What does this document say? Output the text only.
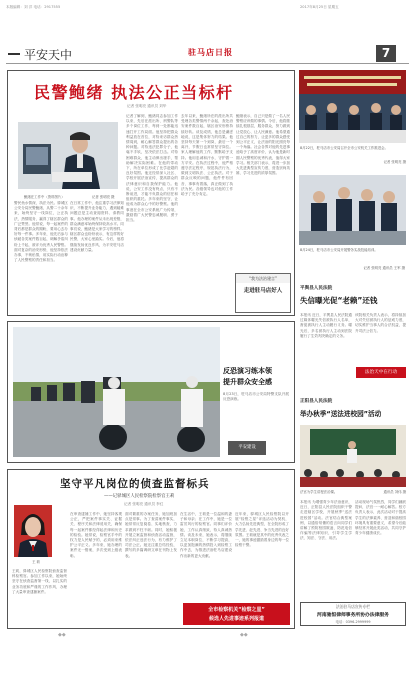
本版编辑：刘 洋 电话：2917555	2017年8月25日 星期五
平安天中	驻马店日报	7
民警鲍绪 执法公正当标杆
记者 张明亮 通讯员 刘华
鲍绪在工作中（资料图片）	记者 张明亮 摄
警民鱼水情深，执法为民。驿城区公安分局民警鲍绪，从警二十余年来，始终坚守一线岗位，公正执法，热情服务，赢得了辖区群众的广泛赞誉。他常说，每一起案件的背后都是群众的期盼，要用心去办好每一件事。多年来，他先后参与侦破各类案件数百起，调解矛盾纠纷上千起，被评为优秀人民警察。面对复杂的治安形势，他坚持依法办事，不徇私情，用实际行动诠释了人民警察的责任和担当。
在日常工作中，他注重学习法律知识，不断提升业务能力，遇到疑难问题总是主动查阅资料、请教同事。他办理的案件从未出现差错，群众满意率始终保持较高水平。同事们说，鲍绪是大家学习的榜样。辖区群众也纷纷表示，有这样的好民警，大家心里踏实。今后，他将继续发扬优良作风，为平安驻马店建设贡献力量。
记者了解到，鲍绪同志参加工作以来，先后在派出所、刑警队等多个岗位工作，每到一处都能迅速打开工作局面。他坚持把群众利益放在首位，对待来访群众热情周到，耐心解答群众提出的各种问题。对待违法犯罪分子，他毫不手软，坚决依法打击。对待困难群众，他主动伸出援手，帮助解决实际困难。在他的带动下，所在单位形成了比学赶超的良好氛围。他还经常深入社区、学校开展法治宣传，提高群众的法律意识和自我保护能力。他说，公安工作没有终点，只有不断前进，才能不负群众的信任和组织的重托。多年来的坚守，让他成为群众心中的好警察。他的事迹在全市公安系统广为传颂，激励着广大民警忠诚履职、勇于担当。
去年以来，鲍绪所在的派出所共受理各类警情两千余起，查处治安案件数百起，辖区治安形势持续好转。谈及成绩，他总是谦虚地说，这是集体努力的结果。他坚持每天第一个到岗，最后一个离开，节假日也常常坚守岗位。家人理解他的工作，默默给予支持。他用忠诚和汗水，守护着一方平安。在执法过程中，他严格遵守法定程序，规范执法行为，做到文明执法、公正执法。对于群众反映的问题，他件件有回音、事事有着落，真正做到了执法为民。各级领导也对他的工作给予了充分肯定。
鲍绪表示，自己只是做了一名人民警察应该做的事情。今后，他将继续扎根基层，服务群众，努力做到让党放心、让人民满意。他希望通过自己的努力，让更多的群众感受到公平正义，让法治的阳光照亮每一个角落。社会各界对他的先进事迹给予了高度评价，认为他是新时期人民警察的优秀代表，值得大家学习。相关部门表示，将进一步加大先进典型宣传力度，营造崇尚英雄、学习先进的浓厚氛围。
“我为法治建言”
走进驻马店好人
8月22日，驻马店市公安局召开全市公安机关工作推进会。
记者 张明亮 摄
8月24日，驻马店市公安局开展警务实战技能培训。
记者 张明亮 通讯员 王军 摄
平舆县人民法院
失信曝光促“老赖”还钱
本报讯 近日，平舆县人民法院通过媒体曝光失信被执行人名单，督促被执行人主动履行义务。曝光后，多名被执行人主动到法院履行了生效判决确定的义务。
该院相关负责人表示，将持续加大对失信被执行人的惩戒力度，切实维护当事人的合法权益，提升司法公信力。
法治天中在行动
反恐演习练本领
提升群众安全感
8月23日，驻马店市公安局特警支队开展反恐演练。
平安建设
正阳县人民法院
举办秋季“送法进校园”活动
法官为学生讲授法治课。	通讯员 刘伟 摄
本报讯 为增强青少年法治意识，近日，正阳县人民法院组织干警走进辖区学校，开展秋季“送法进校园”活动。法官结合典型案例，以通俗易懂的语言向同学们讲解了预防校园欺凌、防范电信诈骗等法律知识，引导学生学法、知法、守法、用法。
活动现场气氛热烈，同学们踊跃提问，法官一一耐心解答。校方负责人表示，此次活动对于提高学生的法律素养、营造和谐校园环境具有重要意义，希望今后能够经常开展此类活动，共同守护青少年健康成长。
法治驻马店宣传专栏
河南驰恒律师事务所协办法律服务
电话：0396-2999999
坚守平凡岗位的侦查监督标兵
——记驿城区人民检察院检察官王莉
记者 张明亮 通讯员 李红
王 莉
王莉，驿城区人民检察院侦查监督科检察官。参加工作以来，她始终坚守在侦查监督第一线，以扎实的业务功底和严谨的工作作风，办理了大量审查逮捕案件。
在审查逮捕工作中，她坚持客观公正，严把案件事实关、证据关、程序关和法律适用关，确保每一起案件都经得起法律和历史的检验。她常说，检察官手中的权力是人民赋予的，必须用来维护公平正义。多年来，她办理的案件无一错案，多次受到上级表彰。
面对繁重的办案任务，她加班加点是常事。为了查清案件事实，她常常反复阅卷、实地核查，力求做到不枉不纵。同时，她积极开展立案监督和侦查活动监督，依法纠正违法行为，有力维护了司法公正。她还注重总结经验，撰写的多篇调研文章在刊物上发表。
在生活中，王莉是一位温和的妻子和母亲；在工作中，她是一位雷厉风行的检察官。同事们评价她，工作认真细致，待人真诚热情。谈及未来，她表示，将继续立足本职岗位，不断学习提高，以更加饱满的热情投入到检察工作中去，为推进法治驻马店建设作出新的更大贡献。
近年来，驿城区人民检察院以开展“检察之星”评选活动为契机，大力弘扬先进典型，在全院形成了学先进、赶先进、争当先进的良好氛围。王莉就是其中的优秀代表之一，她的事迹激励着身边的每一位检察干警。
全市检察机关“检察之星”
候选人先进事迹系列报道
◆◆	◆◆
